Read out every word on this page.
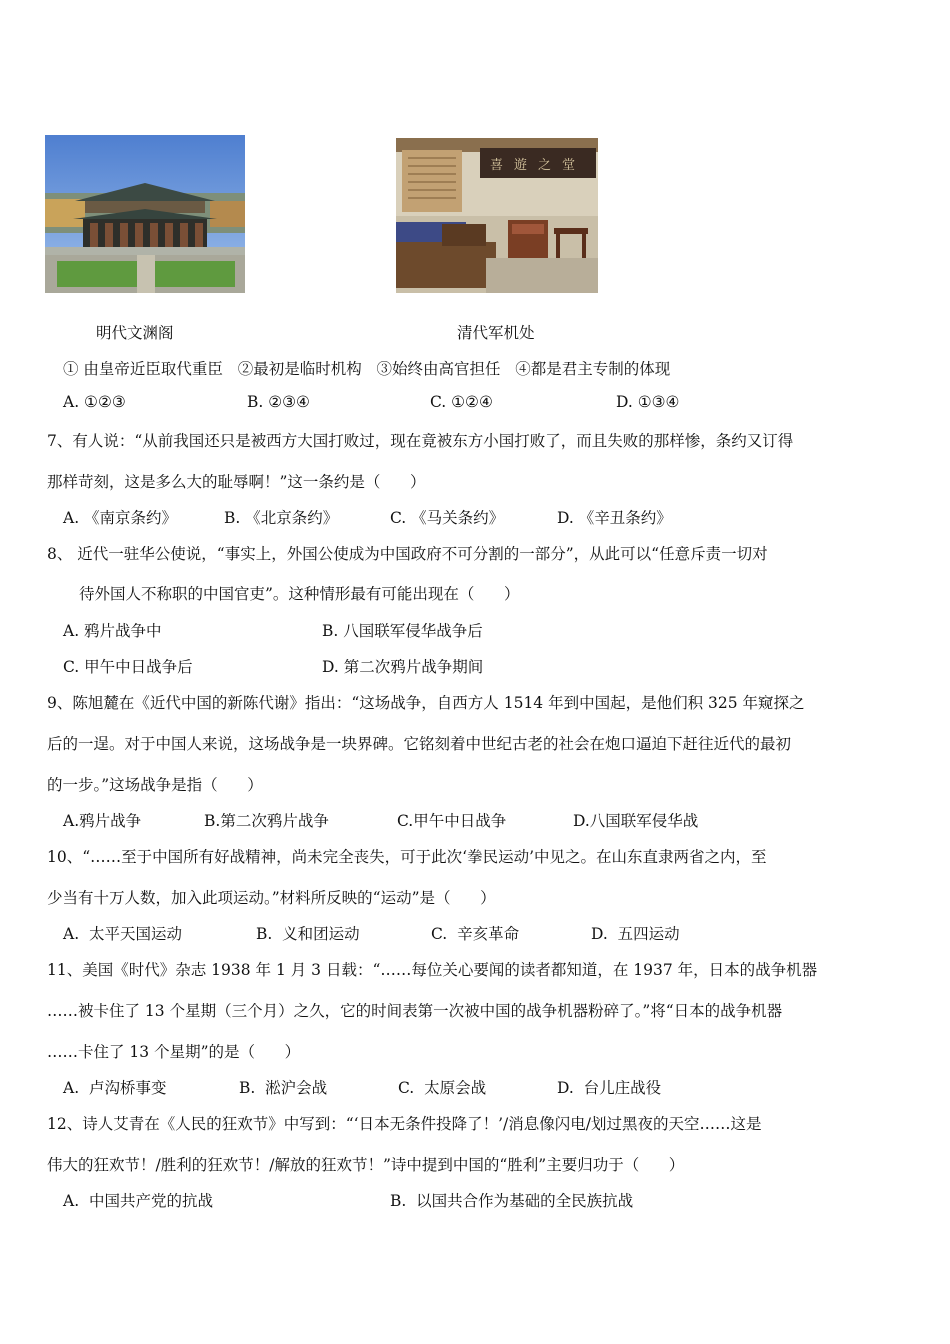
喜 遊 之 堂
明代文渊阁	清代军机处
① 由皇帝近臣取代重臣   ②最初是临时机构   ③始终由高官担任   ④都是君主专制的体现
A. ①②③	B. ②③④	C. ①②④	D. ①③④
7、有人说：“从前我国还只是被西方大国打败过，现在竟被东方小国打败了，而且失败的那样惨，条约又订得
那样苛刻，这是多么大的耻辱啊！”这一条约是（      ）
A. 《南京条约》	B. 《北京条约》	C. 《马关条约》	D. 《辛丑条约》
8、 近代一驻华公使说，“事实上，外国公使成为中国政府不可分割的一部分”，从此可以“任意斥责一切对
待外国人不称职的中国官吏”。这种情形最有可能出现在（      ）
A. 鸦片战争中	B. 八国联军侵华战争后
C. 甲午中日战争后	D. 第二次鸦片战争期间
9、陈旭麓在《近代中国的新陈代谢》指出：“这场战争，自西方人 1514 年到中国起，是他们积 325 年窥探之
后的一逞。对于中国人来说，这场战争是一块界碑。它铭刻着中世纪古老的社会在炮口逼迫下赶往近代的最初
的一步。”这场战争是指（      ）
A.鸦片战争	B.第二次鸦片战争	C.甲午中日战争	D.八国联军侵华战
10、“……至于中国所有好战精神，尚未完全丧失，可于此次‘拳民运动’中见之。在山东直隶两省之内，至
少当有十万人数，加入此项运动。”材料所反映的“运动”是（      ）
A.  太平天国运动	B.  义和团运动	C.  辛亥革命	D.  五四运动
11、美国《时代》杂志 1938 年 1 月 3 日载：“……每位关心要闻的读者都知道，在 1937 年，日本的战争机器
……被卡住了 13 个星期（三个月）之久，它的时间表第一次被中国的战争机器粉碎了。”将“日本的战争机器
……卡住了 13 个星期”的是（      ）
A.  卢沟桥事变	B.  淞沪会战	C.  太原会战	D.  台儿庄战役
12、诗人艾青在《人民的狂欢节》中写到：“‘日本无条件投降了！’/消息像闪电/划过黑夜的天空……这是
伟大的狂欢节！/胜利的狂欢节！/解放的狂欢节！”诗中提到中国的“胜利”主要归功于（      ）
A.  中国共产党的抗战	B.  以国共合作为基础的全民族抗战
